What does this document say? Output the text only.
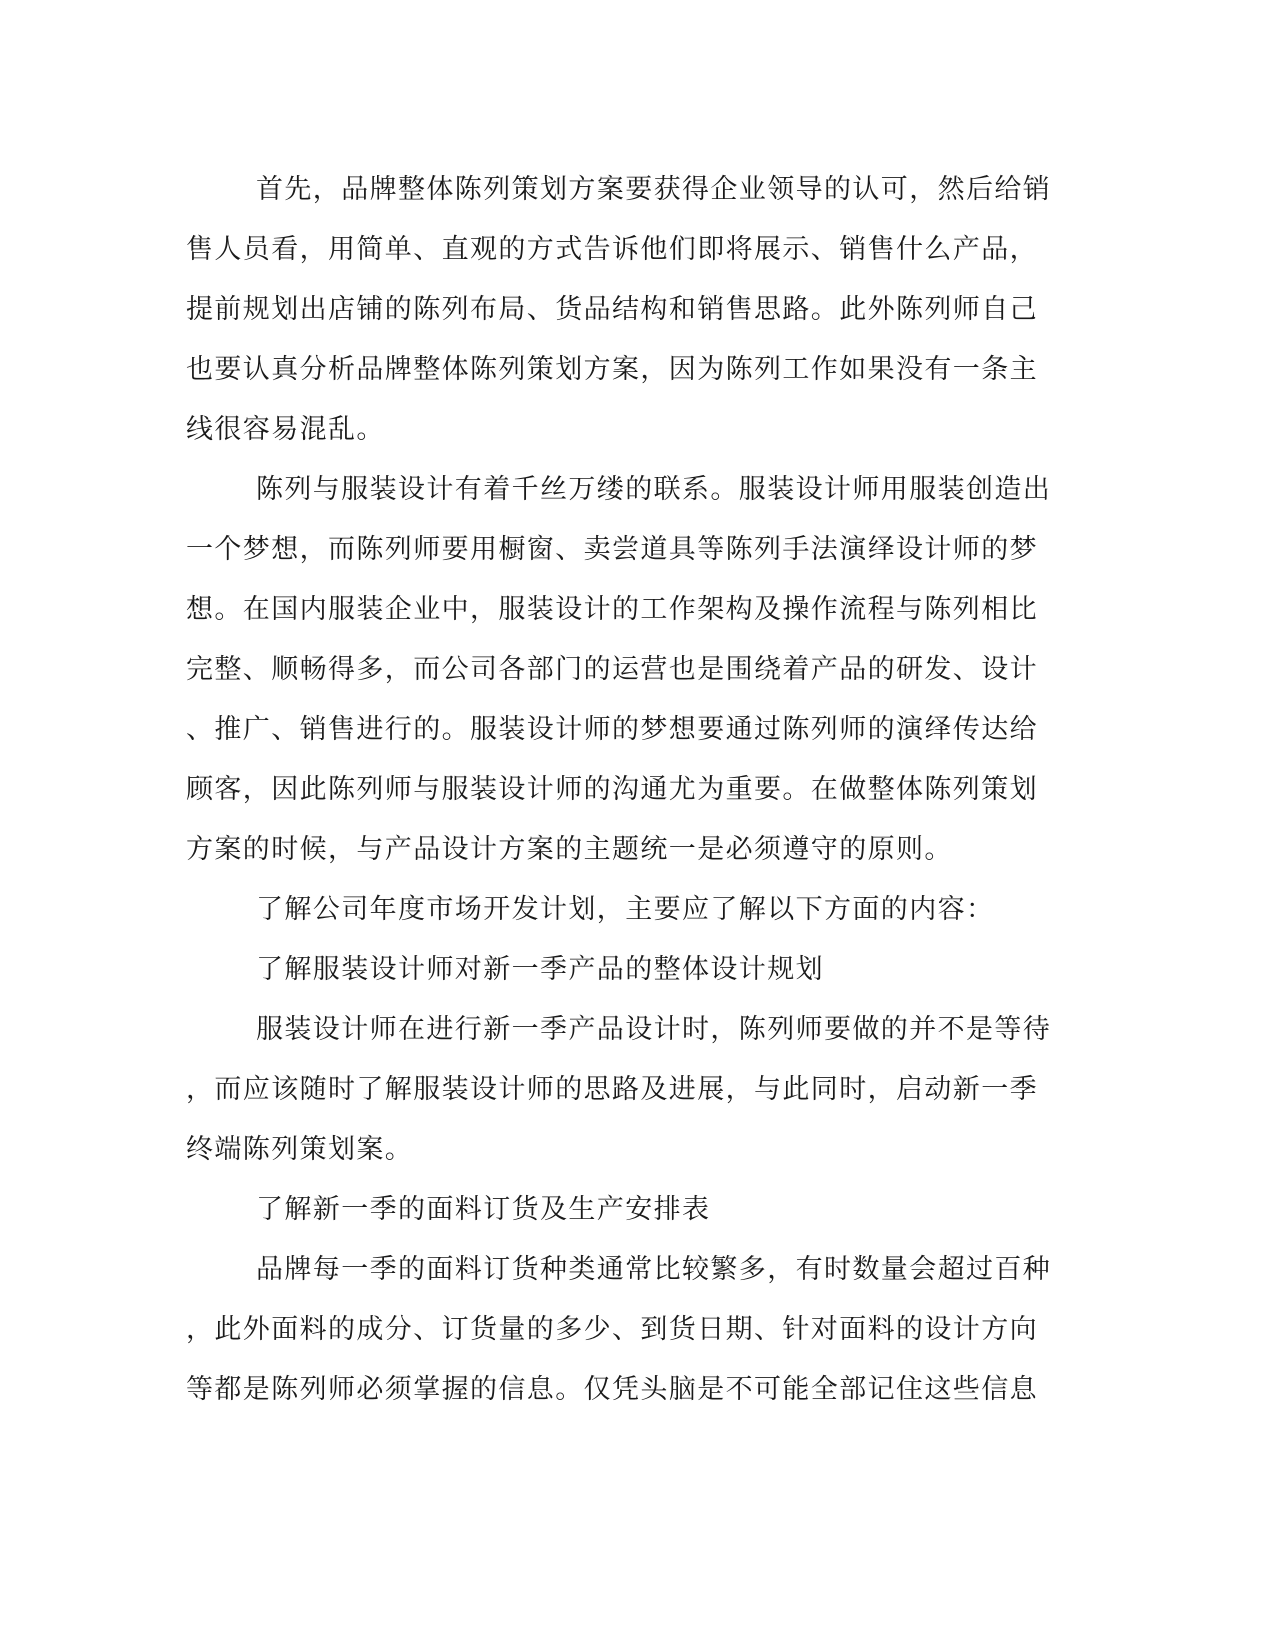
首先，品牌整体陈列策划方案要获得企业领导的认可，然后给销
售人员看，用简单、直观的方式告诉他们即将展示、销售什么产品，
提前规划出店铺的陈列布局、货品结构和销售思路。此外陈列师自己
也要认真分析品牌整体陈列策划方案，因为陈列工作如果没有一条主
线很容易混乱。
陈列与服装设计有着千丝万缕的联系。服装设计师用服装创造出
一个梦想，而陈列师要用橱窗、卖尝道具等陈列手法演绎设计师的梦
想。在国内服装企业中，服装设计的工作架构及操作流程与陈列相比
完整、顺畅得多，而公司各部门的运营也是围绕着产品的研发、设计
、推广、销售进行的。服装设计师的梦想要通过陈列师的演绎传达给
顾客，因此陈列师与服装设计师的沟通尤为重要。在做整体陈列策划
方案的时候，与产品设计方案的主题统一是必须遵守的原则。
了解公司年度市场开发计划，主要应了解以下方面的内容：
了解服装设计师对新一季产品的整体设计规划
服装设计师在进行新一季产品设计时，陈列师要做的并不是等待
，而应该随时了解服装设计师的思路及进展，与此同时，启动新一季
终端陈列策划案。
了解新一季的面料订货及生产安排表
品牌每一季的面料订货种类通常比较繁多，有时数量会超过百种
，此外面料的成分、订货量的多少、到货日期、针对面料的设计方向
等都是陈列师必须掌握的信息。仅凭头脑是不可能全部记住这些信息
